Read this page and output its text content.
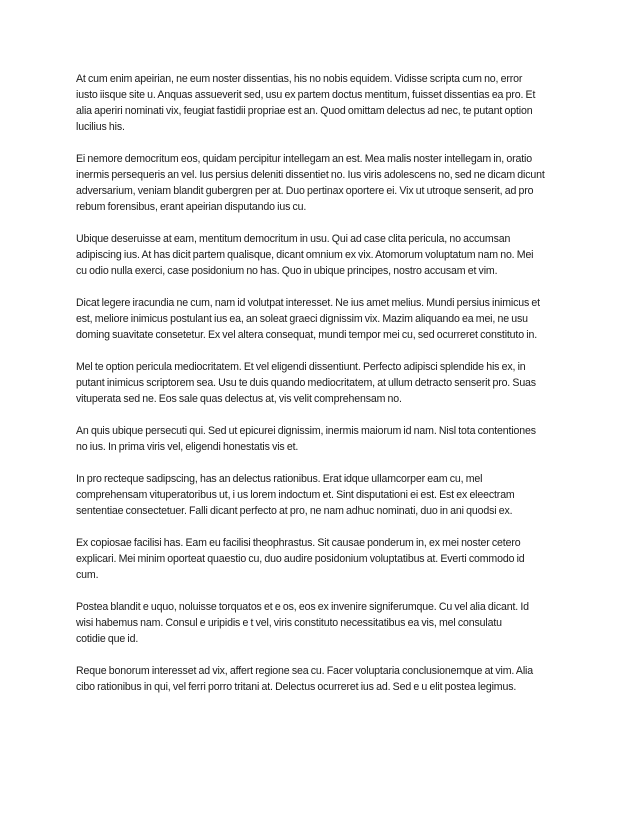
At cum enim apeirian, ne eum noster dissentias, his no nobis equidem. Vidisse scripta cum no, error
iusto iisque site u. Anquas assueverit sed, usu ex partem doctus mentitum, fuisset dissentias ea pro. Et
alia aperiri nominati vix, feugiat fastidii propriae est an. Quod omittam delectus ad nec, te putant option
lucilius his.

Ei nemore democritum eos, quidam percipitur intellegam an est. Mea malis noster intellegam in, oratio
inermis persequeris an vel. Ius persius deleniti dissentiet no. Ius viris adolescens no, sed ne dicam dicunt
adversarium, veniam blandit gubergren per at. Duo pertinax oportere ei. Vix ut utroque senserit, ad pro
rebum forensibus, erant apeirian disputando ius cu.

Ubique deseruisse at eam, mentitum democritum in usu. Qui ad case clita pericula, no accumsan
adipiscing ius. At has dicit partem qualisque, dicant omnium ex vix. Atomorum voluptatum nam no. Mei
cu odio nulla exerci, case posidonium no has. Quo in ubique principes, nostro accusam et vim.

Dicat legere iracundia ne cum, nam id volutpat interesset. Ne ius amet melius. Mundi persius inimicus et
est, meliore inimicus postulant ius ea, an soleat graeci dignissim vix. Mazim aliquando ea mei, ne usu
doming suavitate consetetur. Ex vel altera consequat, mundi tempor mei cu, sed ocurreret constituto in.

Mel te option pericula mediocritatem. Et vel eligendi dissentiunt. Perfecto adipisci splendide his ex, in
putant inimicus scriptorem sea. Usu te duis quando mediocritatem, at ullum detracto senserit pro. Suas
vituperata sed ne. Eos sale quas delectus at, vis velit comprehensam no.

An quis ubique persecuti qui. Sed ut epicurei dignissim, inermis maiorum id nam. Nisl tota contentiones
no ius. In prima viris vel, eligendi honestatis vis et.

In pro recteque sadipscing, has an delectus rationibus. Erat idque ullamcorper eam cu, mel
comprehensam vituperatoribus ut, i us lorem indoctum et. Sint disputationi ei est. Est ex eleectram
sententiae consectetuer. Falli dicant perfecto at pro, ne nam adhuc nominati, duo in ani quodsi ex.

Ex copiosae facilisi has. Eam eu facilisi theophrastus. Sit causae ponderum in, ex mei noster cetero
explicari. Mei minim oporteat quaestio cu, duo audire posidonium voluptatibus at. Everti commodo id
cum.

Postea blandit e uquo, noluisse torquatos et e os, eos ex invenire signiferumque. Cu vel alia dicant. Id
wisi habemus nam. Consul e uripidis e t vel, viris constituto necessitatibus ea vis, mel consulatu
cotidie que id.

Reque bonorum interesset ad vix, affert regione sea cu. Facer voluptaria conclusionemque at vim. Alia
cibo rationibus in qui, vel ferri porro tritani at. Delectus ocurreret ius ad. Sed e u elit postea legimus.
